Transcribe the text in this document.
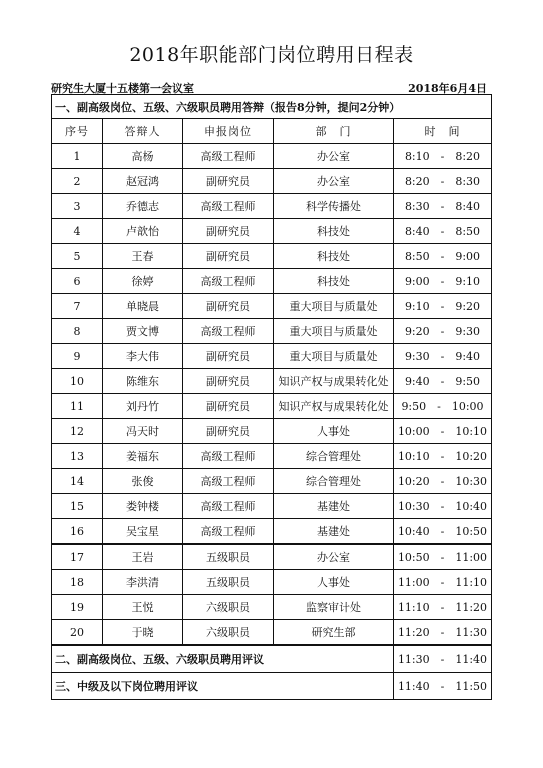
2018年职能部门岗位聘用日程表
研究生大厦十五楼第一会议室	2018年6月4日
一、副高级岗位、五级、六级职员聘用答辩（报告8分钟，提问2分钟）				
序号	答辩人	申报岗位	部　门	时　间
1	高杨	高级工程师	办公室	8:10　-　8:20
2	赵冠鸿	副研究员	办公室	8:20　-　8:30
3	乔德志	高级工程师	科学传播处	8:30　-　8:40
4	卢歆怡	副研究员	科技处	8:40　-　8:50
5	王春	副研究员	科技处	8:50　-　9:00
6	徐婷	高级工程师	科技处	9:00　-　9:10
7	单晓晨	副研究员	重大项目与质量处	9:10　-　9:20
8	贾文博	高级工程师	重大项目与质量处	9:20　-　9:30
9	李大伟	副研究员	重大项目与质量处	9:30　-　9:40
10	陈维东	副研究员	知识产权与成果转化处	9:40　-　9:50
11	刘丹竹	副研究员	知识产权与成果转化处	9:50　-　10:00
12	冯天时	副研究员	人事处	10:00　-　10:10
13	姜福东	高级工程师	综合管理处	10:10　-　10:20
14	张俊	高级工程师	综合管理处	10:20　-　10:30
15	娄钟楼	高级工程师	基建处	10:30　-　10:40
16	吴宝星	高级工程师	基建处	10:40　-　10:50
17	王岩	五级职员	办公室	10:50　-　11:00
18	李洪清	五级职员	人事处	11:00　-　11:10
19	王悦	六级职员	监察审计处	11:10　-　11:20
20	于晓	六级职员	研究生部	11:20　-　11:30
二、副高级岗位、五级、六级职员聘用评议				11:30　-　11:40
三、中级及以下岗位聘用评议				11:40　-　11:50
